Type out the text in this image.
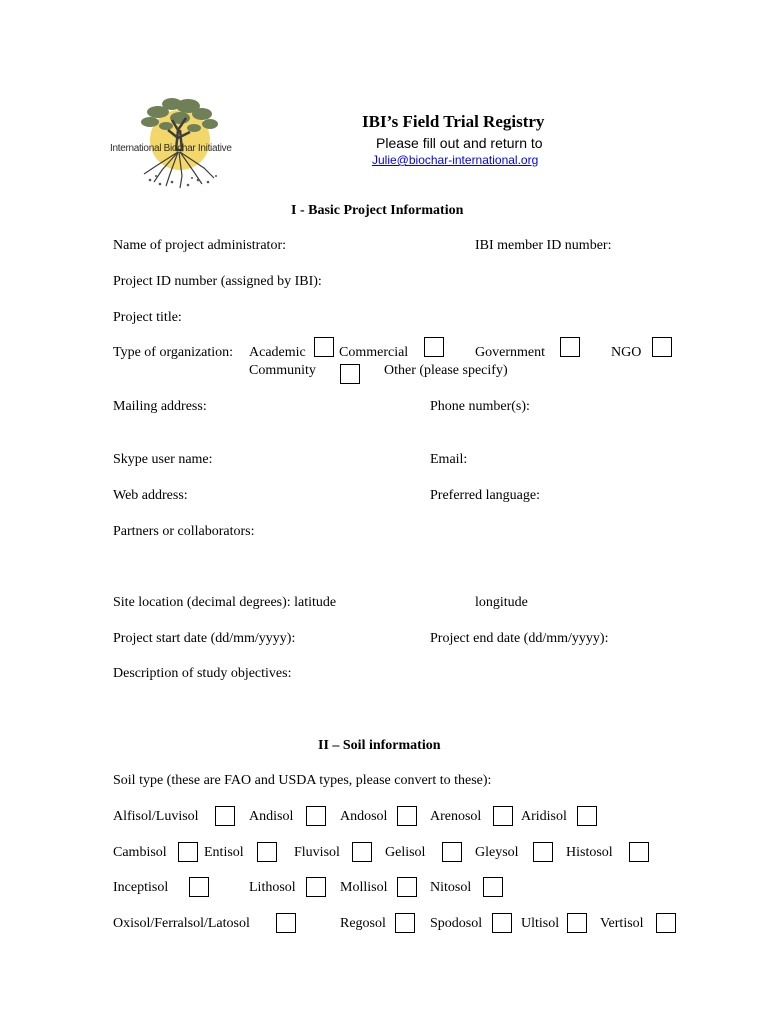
International Biochar Initiative
IBI’s Field Trial Registry
Please fill out and return to
Julie@biochar-international.org
I - Basic Project Information
Name of project administrator:	IBI member ID number:
Project ID number (assigned by IBI):
Project title:
Type of organization: Academic Commercial	Government	NGO
Community	Other (please specify)
Mailing address:	Phone number(s):
Skype user name:	Email:
Web address:	Preferred language:
Partners or collaborators:
Site location (decimal degrees): latitude	longitude
Project start date (dd/mm/yyyy):	Project end date (dd/mm/yyyy):
Description of study objectives:
II – Soil information
Soil type (these are FAO and USDA types, please convert to these):
Alfisol/Luvisol	Andisol	Andosol	Arenosol	Aridisol
Cambisol	Entisol	Fluvisol	Gelisol	Gleysol	Histosol
Inceptisol	Lithosol	Mollisol	Nitosol
Oxisol/Ferralsol/Latosol	Regosol	Spodosol	Ultisol	Vertisol
